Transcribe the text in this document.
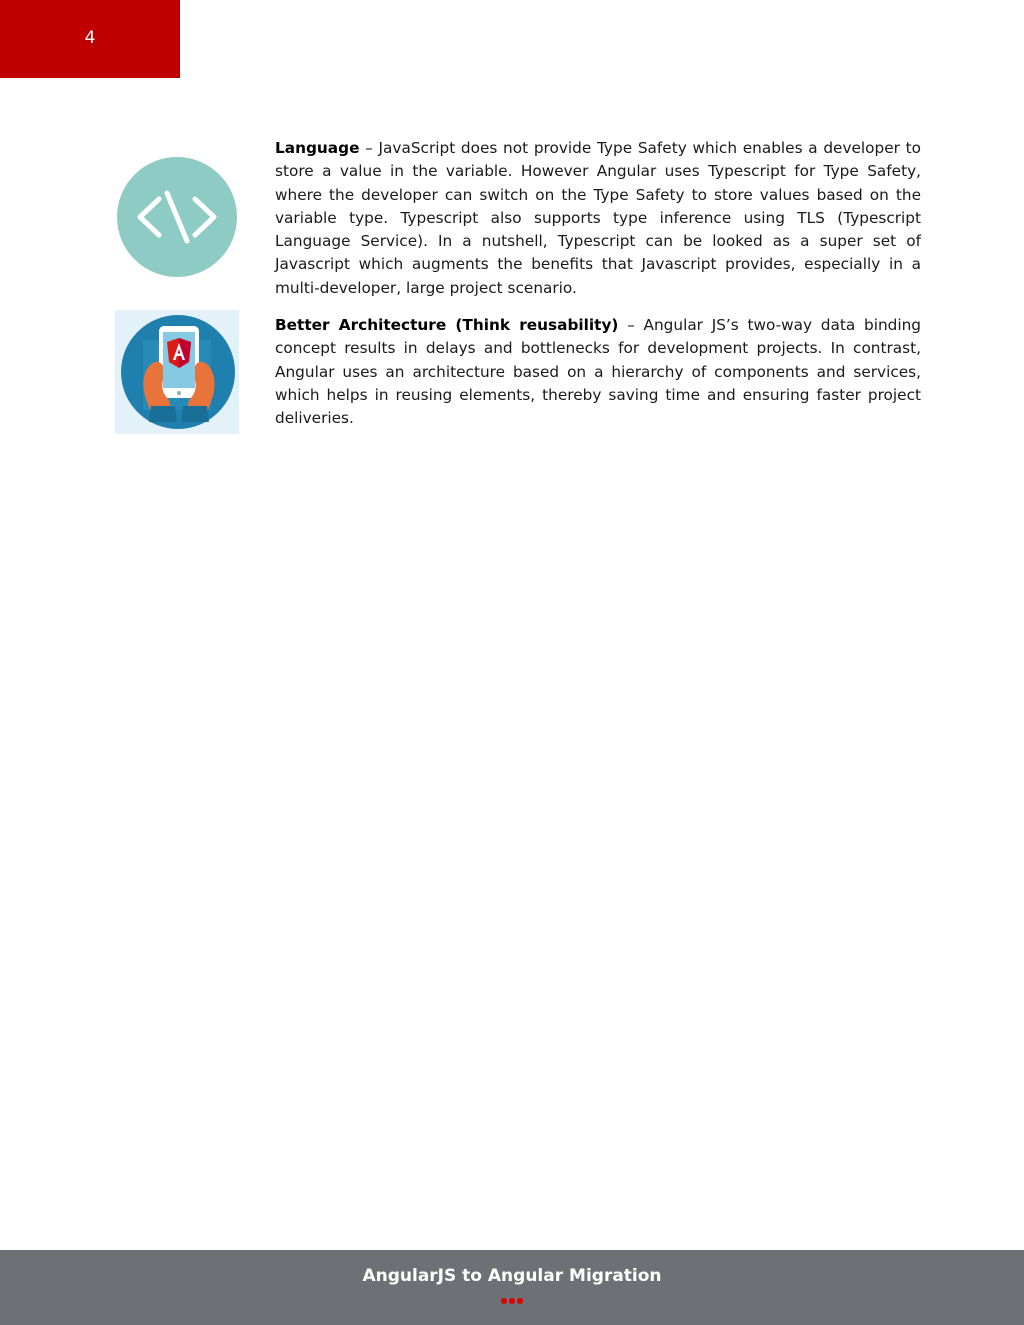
4

Language – JavaScript does not provide Type Safety which enables a developer to store a value in the variable. However Angular uses Typescript for Type Safety, where the developer can switch on the Type Safety to store values based on the variable type. Typescript also supports type inference using TLS (Typescript Language Service). In a nutshell, Typescript can be looked as a super set of Javascript which augments the benefits that Javascript provides, especially in a multi-developer, large project scenario.

Better Architecture (Think reusability) – Angular JS’s two-way data binding concept results in delays and bottlenecks for development projects. In contrast, Angular uses an architecture based on a hierarchy of components and services, which helps in reusing elements, thereby saving time and ensuring faster project deliveries.

AngularJS to Angular Migration
